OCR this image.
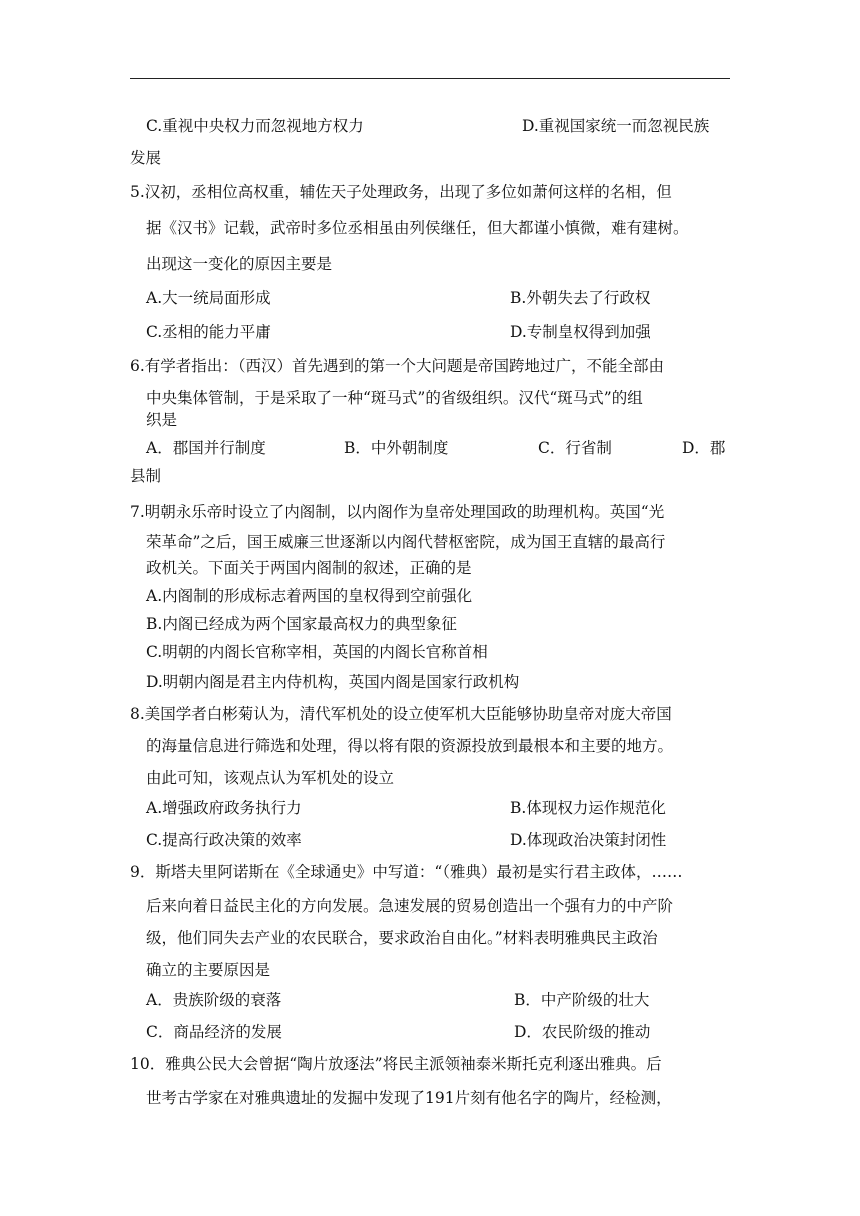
C.重视中央权力而忽视地方权力	D.重视国家统一而忽视民族
发展
5.汉初，丞相位高权重，辅佐天子处理政务，出现了多位如萧何这样的名相，但
据《汉书》记载，武帝时多位丞相虽由列侯继任，但大都谨小慎微，难有建树。
出现这一变化的原因主要是
A.大一统局面形成	B.外朝失去了行政权
C.丞相的能力平庸	D.专制皇权得到加强
6.有学者指出：（西汉）首先遇到的第一个大问题是帝国跨地过广，不能全部由
中央集体管制，于是采取了一种“斑马式”的省级组织。汉代“斑马式”的组
织是
A．郡国并行制度	B．中外朝制度	C．行省制	D．郡
县制
7.明朝永乐帝时设立了内阁制，以内阁作为皇帝处理国政的助理机构。英国“光
荣革命”之后，国王威廉三世逐渐以内阁代替枢密院，成为国王直辖的最高行
政机关。下面关于两国内阁制的叙述，正确的是
A.内阁制的形成标志着两国的皇权得到空前强化
B.内阁已经成为两个国家最高权力的典型象征
C.明朝的内阁长官称宰相，英国的内阁长官称首相
D.明朝内阁是君主内侍机构，英国内阁是国家行政机构
8.美国学者白彬菊认为，清代军机处的设立使军机大臣能够协助皇帝对庞大帝国
的海量信息进行筛选和处理，得以将有限的资源投放到最根本和主要的地方。
由此可知，该观点认为军机处的设立
A.增强政府政务执行力	B.体现权力运作规范化
C.提高行政决策的效率	D.体现政治决策封闭性
9．斯塔夫里阿诺斯在《全球通史》中写道：“（雅典）最初是实行君主政体，……
后来向着日益民主化的方向发展。急速发展的贸易创造出一个强有力的中产阶
级，他们同失去产业的农民联合，要求政治自由化。”材料表明雅典民主政治
确立的主要原因是
A．贵族阶级的衰落	B．中产阶级的壮大
C．商品经济的发展	D．农民阶级的推动
10．雅典公民大会曾据“陶片放逐法”将民主派领袖泰米斯托克利逐出雅典。后
世考古学家在对雅典遗址的发掘中发现了191片刻有他名字的陶片，经检测，
